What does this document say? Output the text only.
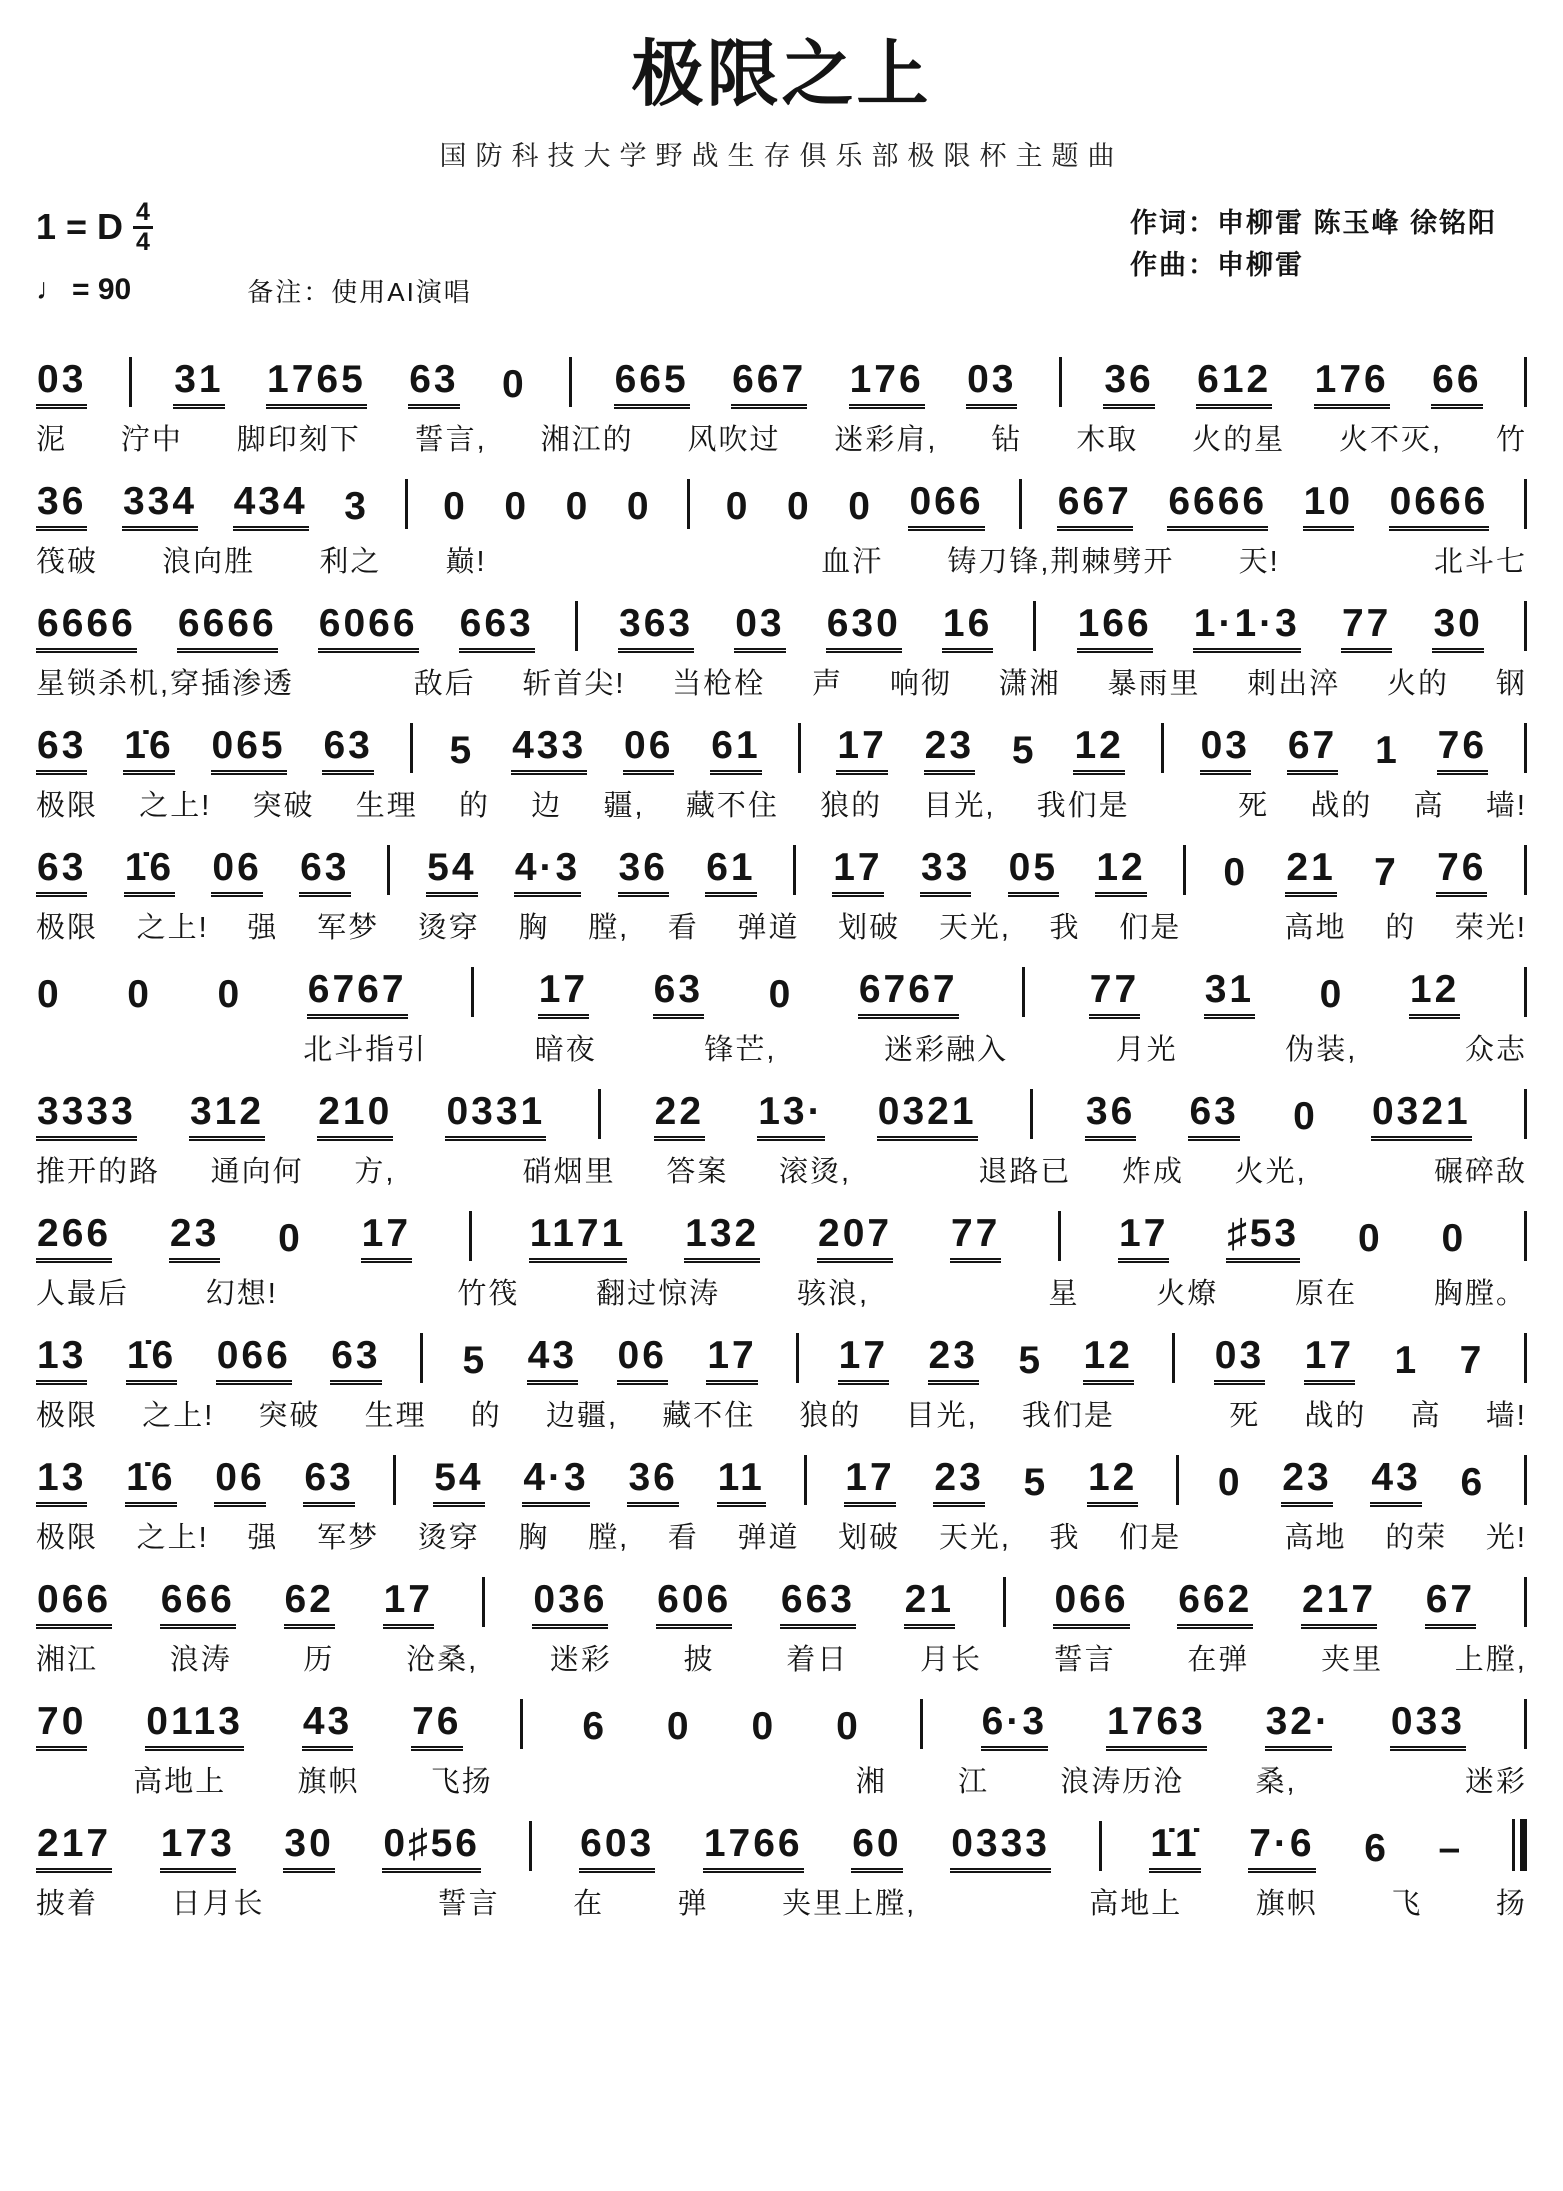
极限之上
国防科技大学野战生存俱乐部极限杯主题曲
1 = D $\frac{4}{4}$
♩ = 90	备注：使用AI演唱
作词：申柳雷 陈玉峰 徐铭阳
作曲：申柳雷
03 31 1765 63 0 665 667 176 03 36 612 176 66
泥 泞中 脚印刻下 誓言, 湘江的 风吹过 迷彩肩, 钻 木取 火的星 火不灭, 竹
36 334 434 3 0 0 0 0 0 0 0 066 667 6666 10 0666
筏破 浪向胜 利之 巅!	血汗 铸刀锋,荆棘劈开 天!	北斗七
6666 6666 6066 663 363 03 630 16 166 1·1·3 77 30
星锁杀机,穿插渗透	敌后 斩首尖! 当枪栓 声 响彻 潇湘 暴雨里 刺出淬 火的 钢
63 1̇6 065 63 5 433 06 61 17 23 5 12 03 67 1 76
极限 之上! 突破 生理 的 边 疆, 藏不住 狼的 目光, 我们是	死 战的 高 墙!
63 1̇6 06 63 54 4·3 36 61 17 33 05 12 0 21 7 76
极限 之上! 强 军梦 烫穿 胸 膛, 看 弹道 划破 天光, 我 们是	高地 的 荣光!
0 0 0 6767	17 63 0 6767	77 31 0 12
北斗指引	暗夜	锋芒,	迷彩融入	月光	伪装,	众志
3333 312 210 0331	22 13· 0321	36 63 0 0321
推开的路 通向何 方,	硝烟里 答案 滚烫,	退路已 炸成 火光,	碾碎敌
266 23 0 17	1171 132 207 77	17 ♯53 0 0
人最后	幻想!	竹筏	翻过惊涛	骇浪,	星	火燎	原在	胸膛。
13 1̇6 066 63 5 43 06 17 17 23 5 12 03 17 1 7
极限 之上! 突破 生理 的 边疆, 藏不住 狼的 目光, 我们是	死 战的 高 墙!
13 1̇6 06 63 54 4·3 36 11 17 23 5 12 0 23 43 6
极限 之上! 强 军梦 烫穿 胸 膛, 看 弹道 划破 天光, 我 们是	高地 的荣 光!
066 666 62 17	036 606 663 21	066 662 217 67
湘江 浪涛 历 沧桑, 迷彩 披 着日 月长 誓言 在弹 夹里 上膛,
70 0113 43 76	6 0 0 0	6·3 1763 32· 033
高地上 旗帜 飞扬	湘 江 浪涛历沧 桑,	迷彩
217 173 30 0♯56	603 1766 60 0333	1̇1̇ 7·6 6 –
披着	日月长	誓言	在	弹	夹里上膛,	高地上	旗帜	飞	扬
